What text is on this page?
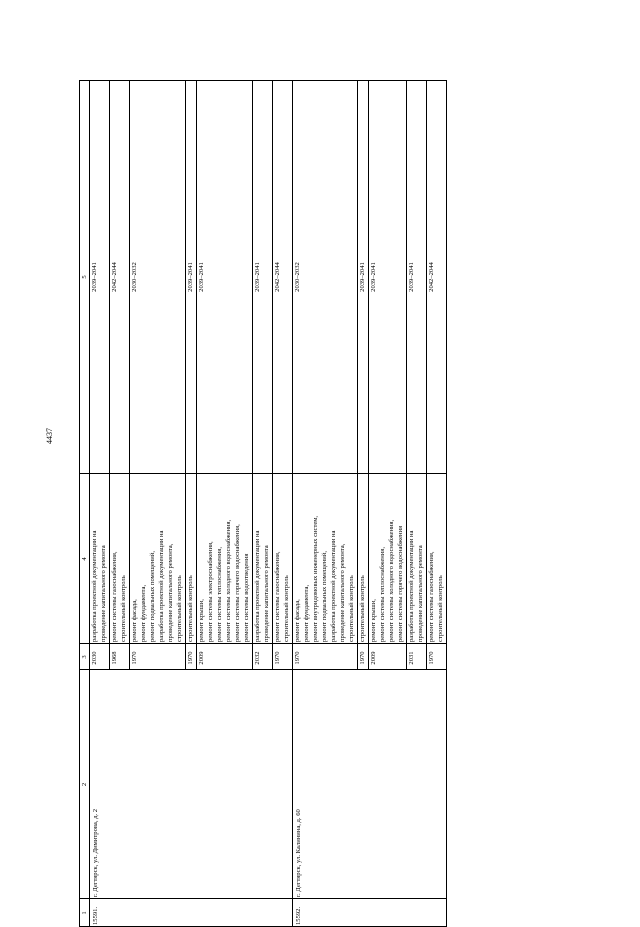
4437
1
2
3
4
5
15591.
г. Дегтярск, ул. Димитрова, д. 2
2030
разработка проектной документации на проведение капитального ремонта
2039–2041
1968
ремонт системы газоснабжения, строительный контроль
2042–2044
1970
ремонт фасада, ремонт фундамента, ремонт подвальных помещений, разработка проектной документации на проведение капитального ремонта, строительный контроль
2030–2032
1970
строительный контроль
2039–2041
2009
ремонт крыши, ремонт системы электроснабжения, ремонт системы теплоснабжения, ремонт системы холодного водоснабжения, ремонт системы горячего водоснабжения, ремонт системы водоотведения
2039–2041
2032
разработка проектной документации на проведение капитального ремонта
2039–2041
1970
ремонт системы газоснабжения, строительный контроль
2042–2044
15592.
г. Дегтярск, ул. Калинина, д. 60
1970
ремонт фасада, ремонт фундамента, ремонт внутридомовых инженерных систем, ремонт подвальных помещений, разработка проектной документации на проведение капитального ремонта, строительный контроль
2030–2032
1970
строительный контроль
2039–2041
2009
ремонт крыши, ремонт системы теплоснабжения, ремонт системы холодного водоснабжения, ремонт системы горячего водоснабжения
2039–2041
2031
разработка проектной документации на проведение капитального ремонта
2039–2041
1970
ремонт системы газоснабжения, строительный контроль
2042–2044
